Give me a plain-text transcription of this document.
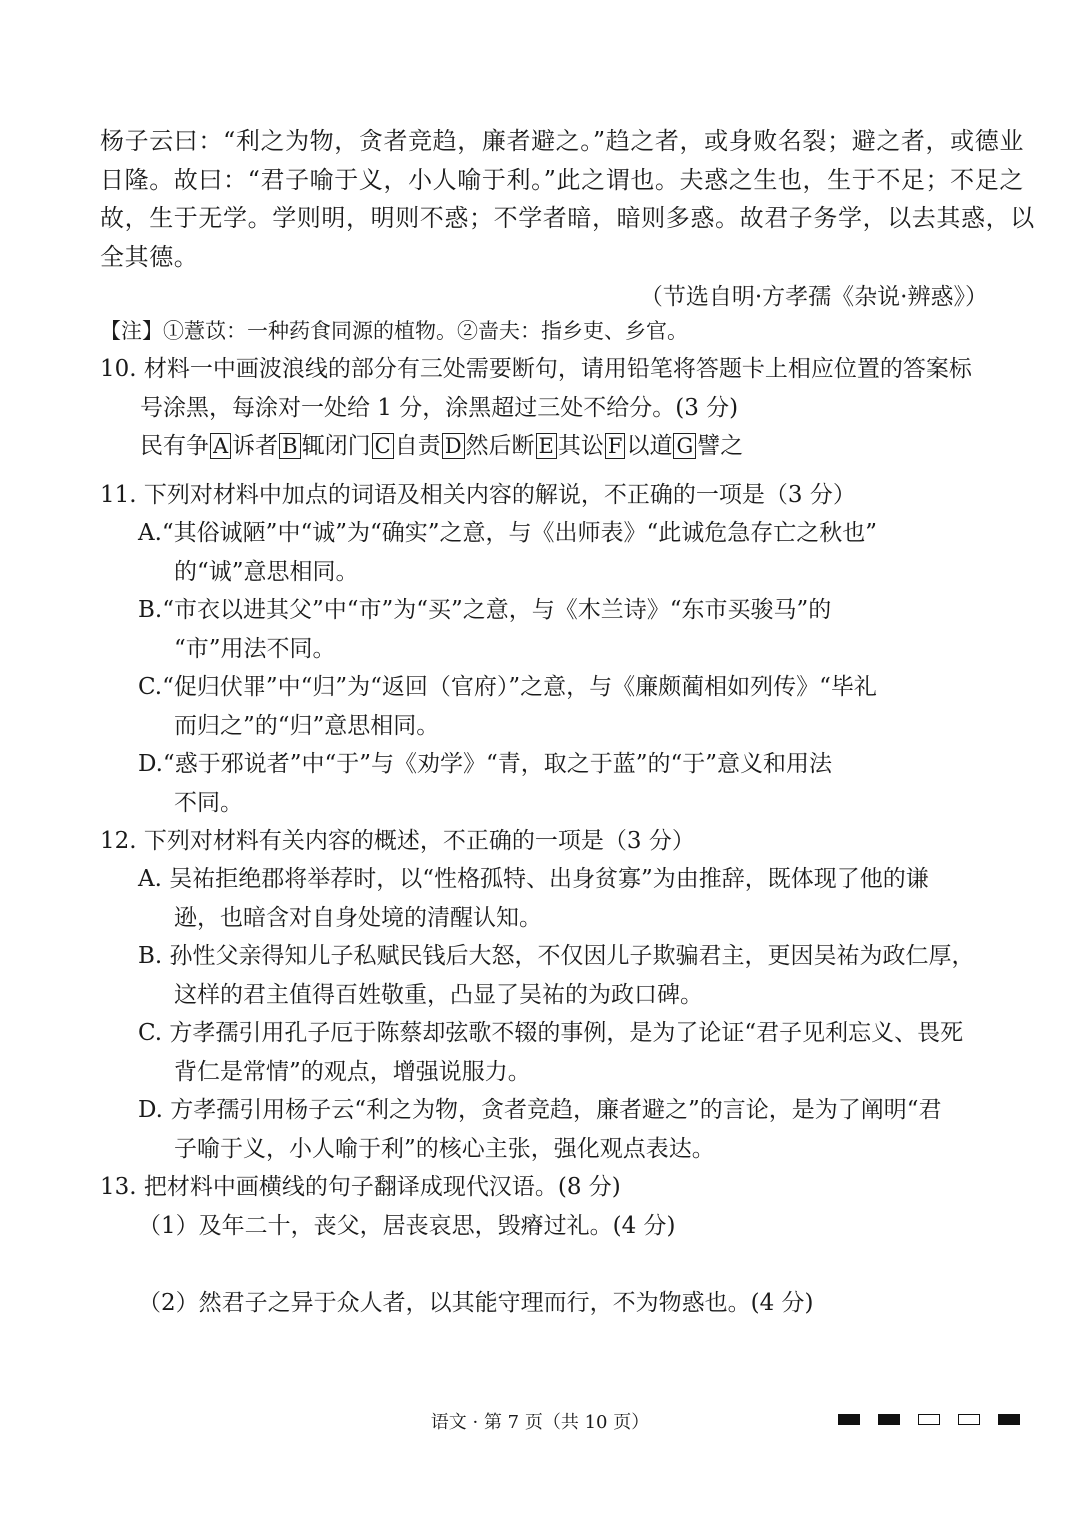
杨子云曰：“利之为物，贪者竞趋，廉者避之。”趋之者，或身败名裂；避之者，或德业
日隆。故曰：“君子喻于义，小人喻于利。”此之谓也。夫惑之生也，生于不足；不足之
故，生于无学。学则明，明则不惑；不学者暗，暗则多惑。故君子务学，以去其惑，以
全其德。
（节选自明·方孝孺《杂说·辨惑》）
【注】①薏苡：一种药食同源的植物。②啬夫：指乡吏、乡官。
10. 材料一中画波浪线的部分有三处需要断句，请用铅笔将答题卡上相应位置的答案标
号涂黑，每涂对一处给 1 分，涂黑超过三处不给分。(3 分)
民有争 A 诉者 B 辄闭门 C 自责 D 然后断 E 其讼 F 以道 G 譬之
11. 下列对材料中加点的词语及相关内容的解说，不正确的一项是（3 分）
A.“其俗诚陋”中“诚”为“确实”之意，与《出师表》“此诚危急存亡之秋也”
的“诚”意思相同。
B.“市衣以进其父”中“市”为“买”之意，与《木兰诗》“东市买骏马”的
“市”用法不同。
C.“促归伏罪”中“归”为“返回（官府）”之意，与《廉颇蔺相如列传》“毕礼
而归之”的“归”意思相同。
D.“惑于邪说者”中“于”与《劝学》“青，取之于蓝”的“于”意义和用法
不同。
12. 下列对材料有关内容的概述，不正确的一项是（3 分）
A. 吴祐拒绝郡将举荐时，以“性格孤特、出身贫寡”为由推辞，既体现了他的谦
逊，也暗含对自身处境的清醒认知。
B. 孙性父亲得知儿子私赋民钱后大怒，不仅因儿子欺骗君主，更因吴祐为政仁厚，
这样的君主值得百姓敬重，凸显了吴祐的为政口碑。
C. 方孝孺引用孔子厄于陈蔡却弦歌不辍的事例，是为了论证“君子见利忘义、畏死
背仁是常情”的观点，增强说服力。
D. 方孝孺引用杨子云“利之为物，贪者竞趋，廉者避之”的言论，是为了阐明“君
子喻于义，小人喻于利”的核心主张，强化观点表达。
13. 把材料中画横线的句子翻译成现代汉语。(8 分)
（1）及年二十，丧父，居丧哀思，毁瘠过礼。(4 分)
（2）然君子之异于众人者，以其能守理而行，不为物惑也。(4 分)
语文 · 第 7 页（共 10 页）
